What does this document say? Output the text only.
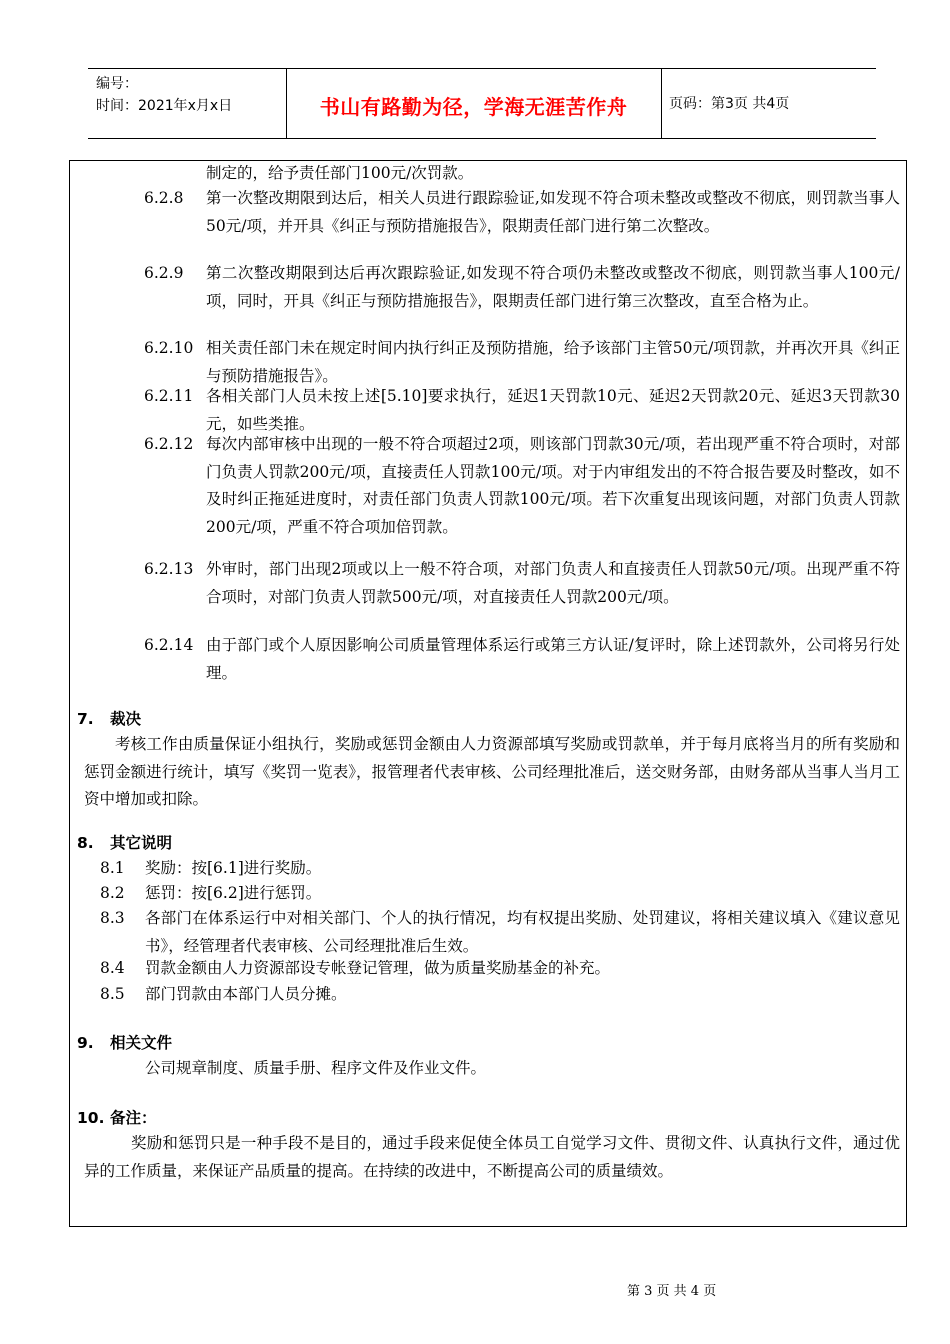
编号：
时间：2021年x月x日	书山有路勤为径，学海无涯苦作舟	页码：第3页 共4页
制定的，给予责任部门100元/次罚款。
6.2.8	第一次整改期限到达后，相关人员进行跟踪验证,如发现不符合项未整改或整改不彻底，则罚款当事人50元/项，并开具《纠正与预防措施报告》，限期责任部门进行第二次整改。
6.2.9	第二次整改期限到达后再次跟踪验证,如发现不符合项仍未整改或整改不彻底，则罚款当事人100元/项，同时，开具《纠正与预防措施报告》，限期责任部门进行第三次整改，直至合格为止。
6.2.10 相关责任部门未在规定时间内执行纠正及预防措施，给予该部门主管50元/项罚款，并再次开具《纠正与预防措施报告》。
6.2.11 各相关部门人员未按上述[5.10]要求执行，延迟1天罚款10元、延迟2天罚款20元、延迟3天罚款30元，如些类推。
6.2.12 每次内部审核中出现的一般不符合项超过2项，则该部门罚款30元/项，若出现严重不符合项时，对部门负责人罚款200元/项，直接责任人罚款100元/项。对于内审组发出的不符合报告要及时整改，如不及时纠正拖延进度时，对责任部门负责人罚款100元/项。若下次重复出现该问题，对部门负责人罚款200元/项，严重不符合项加倍罚款。
6.2.13 外审时，部门出现2项或以上一般不符合项，对部门负责人和直接责任人罚款50元/项。出现严重不符合项时，对部门负责人罚款500元/项，对直接责任人罚款200元/项。
6.2.14 由于部门或个人原因影响公司质量管理体系运行或第三方认证/复评时，除上述罚款外，公司将另行处理。
7. 裁决
考核工作由质量保证小组执行，奖励或惩罚金额由人力资源部填写奖励或罚款单，并于每月底将当月的所有奖励和惩罚金额进行统计，填写《奖罚一览表》，报管理者代表审核、公司经理批准后，送交财务部，由财务部从当事人当月工资中增加或扣除。
8. 其它说明
8.1 奖励：按[6.1]进行奖励。
8.2 惩罚：按[6.2]进行惩罚。
8.3 各部门在体系运行中对相关部门、个人的执行情况，均有权提出奖励、处罚建议，将相关建议填入《建议意见书》，经管理者代表审核、公司经理批准后生效。
8.4 罚款金额由人力资源部设专帐登记管理，做为质量奖励基金的补充。
8.5 部门罚款由本部门人员分摊。
9. 相关文件
公司规章制度、质量手册、程序文件及作业文件。
10. 备注：
奖励和惩罚只是一种手段不是目的，通过手段来促使全体员工自觉学习文件、贯彻文件、认真执行文件，通过优异的工作质量，来保证产品质量的提高。在持续的改进中，不断提高公司的质量绩效。
第 3 页 共 4 页
